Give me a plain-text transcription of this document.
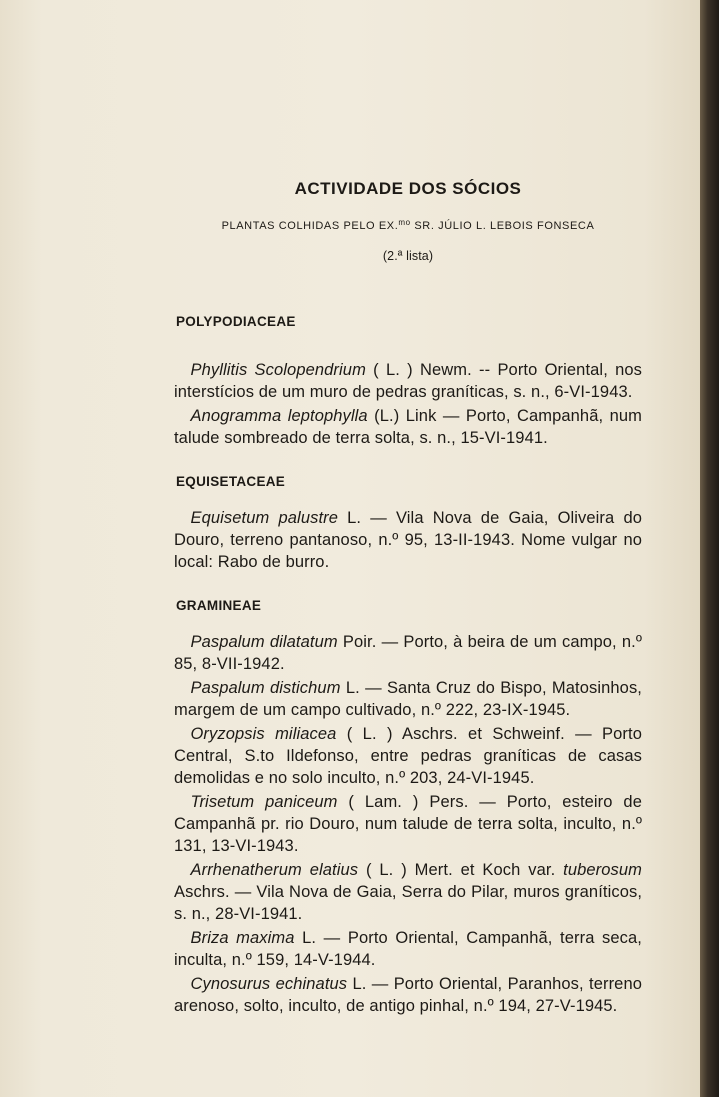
ACTIVIDADE DOS SÓCIOS
PLANTAS COLHIDAS PELO EX.$^{mo}$ SR. JÚLIO L. LEBOIS FONSECA
(2.ª lista)
POLYPODIACEAE

Phyllitis Scolopendrium ( L. ) Newm. -- Porto Oriental, nos interstícios de um muro de pedras graníticas, s. n., 6-VI-1943.

Anogramma leptophylla (L.) Link — Porto, Campanhã, num talude sombreado de terra solta, s. n., 15-VI-1941.

EQUISETACEAE

Equisetum palustre L. — Vila Nova de Gaia, Oliveira do Douro, terreno pantanoso, n.º 95, 13-II-1943. Nome vulgar no local: Rabo de burro.

GRAMINEAE

Paspalum dilatatum Poir. — Porto, à beira de um campo, n.º 85, 8-VII-1942.

Paspalum distichum L. — Santa Cruz do Bispo, Matosinhos, margem de um campo cultivado, n.º 222, 23-IX-1945.

Oryzopsis miliacea ( L. ) Aschrs. et Schweinf. — Porto Central, S.to Ildefonso, entre pedras graníticas de casas demolidas e no solo inculto, n.º 203, 24-VI-1945.

Trisetum paniceum ( Lam. ) Pers. — Porto, esteiro de Campanhã pr. rio Douro, num talude de terra solta, inculto, n.º 131, 13-VI-1943.

Arrhenatherum elatius ( L. ) Mert. et Koch var. tuberosum Aschrs. — Vila Nova de Gaia, Serra do Pilar, muros graníticos, s. n., 28-VI-1941.

Briza maxima L. — Porto Oriental, Campanhã, terra seca, inculta, n.º 159, 14-V-1944.

Cynosurus echinatus L. — Porto Oriental, Paranhos, terreno arenoso, solto, inculto, de antigo pinhal, n.º 194, 27-V-1945.
